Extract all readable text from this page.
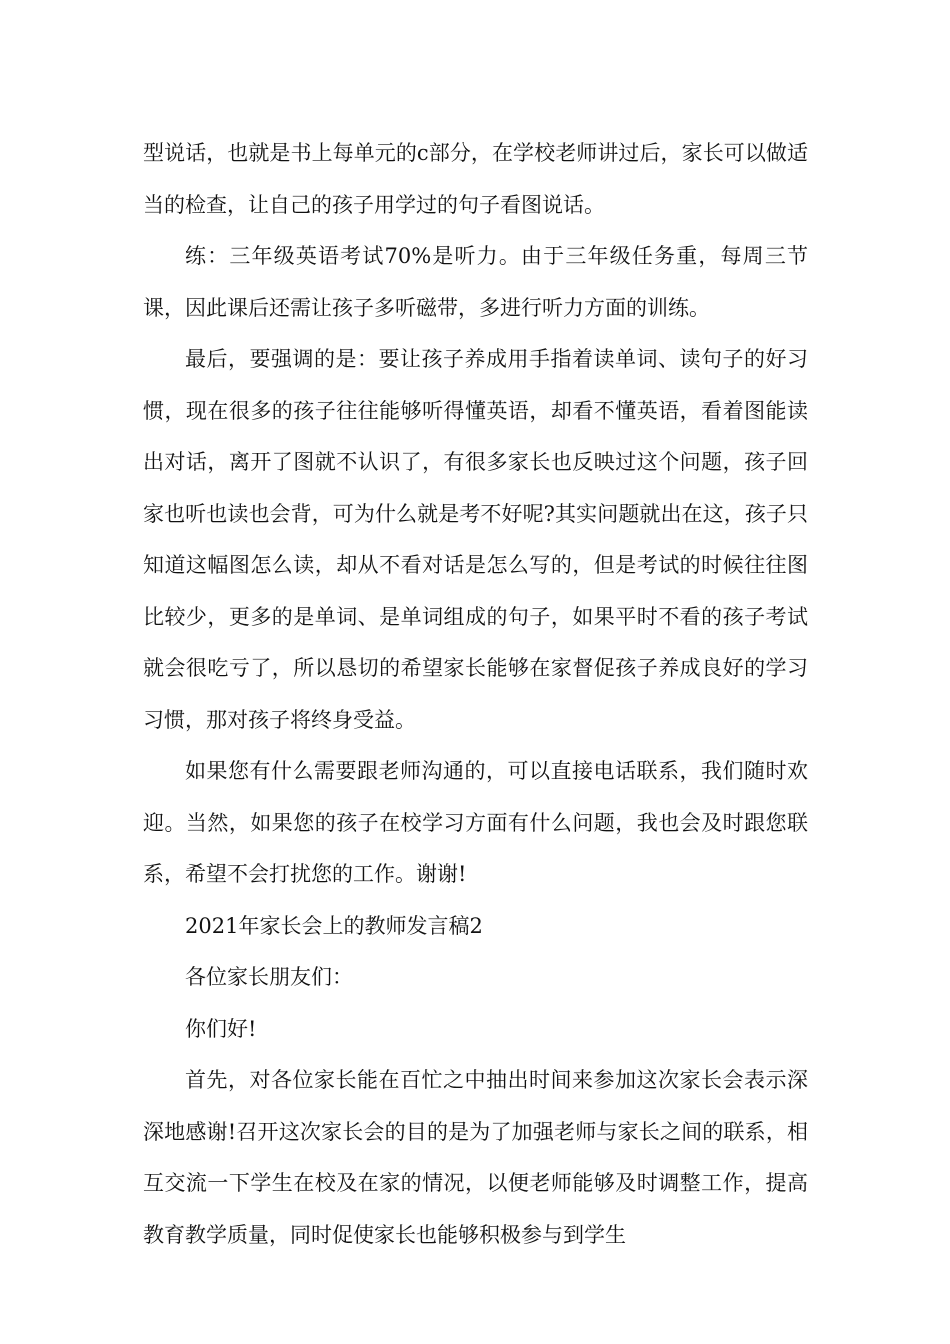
型说话，也就是书上每单元的c部分，在学校老师讲过后，家长可以做适当的检查，让自己的孩子用学过的句子看图说话。

练：三年级英语考试70%是听力。由于三年级任务重，每周三节课，因此课后还需让孩子多听磁带，多进行听力方面的训练。

最后，要强调的是：要让孩子养成用手指着读单词、读句子的好习惯，现在很多的孩子往往能够听得懂英语，却看不懂英语，看着图能读出对话，离开了图就不认识了，有很多家长也反映过这个问题，孩子回家也听也读也会背，可为什么就是考不好呢?其实问题就出在这，孩子只知道这幅图怎么读，却从不看对话是怎么写的，但是考试的时候往往图比较少，更多的是单词、是单词组成的句子，如果平时不看的孩子考试就会很吃亏了，所以恳切的希望家长能够在家督促孩子养成良好的学习习惯，那对孩子将终身受益。

如果您有什么需要跟老师沟通的，可以直接电话联系，我们随时欢迎。当然，如果您的孩子在校学习方面有什么问题，我也会及时跟您联系，希望不会打扰您的工作。谢谢!

2021年家长会上的教师发言稿2

各位家长朋友们：

你们好!

首先，对各位家长能在百忙之中抽出时间来参加这次家长会表示深深地感谢!召开这次家长会的目的是为了加强老师与家长之间的联系，相互交流一下学生在校及在家的情况，以便老师能够及时调整工作，提高教育教学质量，同时促使家长也能够积极参与到学生
